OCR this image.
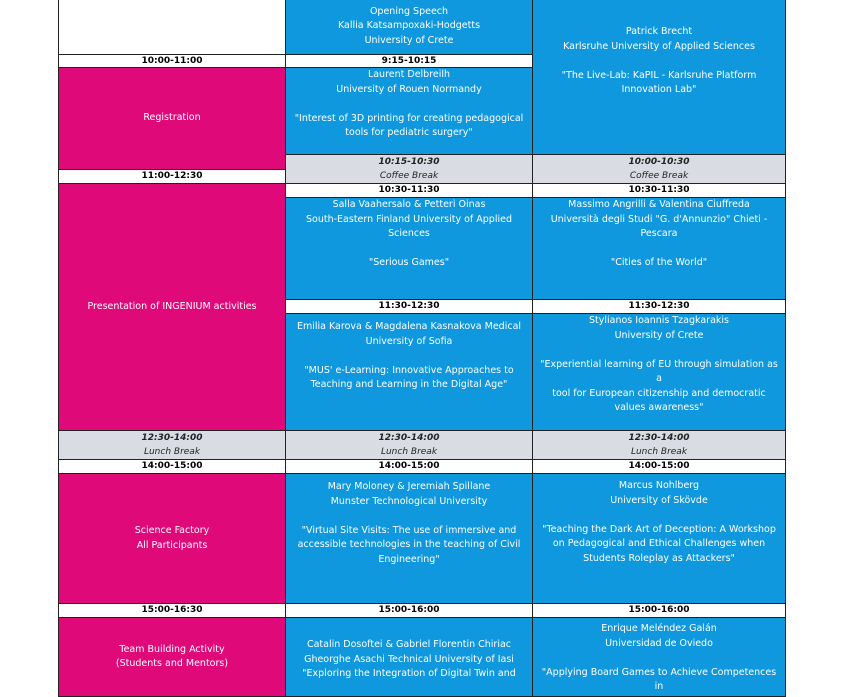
10:00-11:00
Registration
11:00-12:30
Presentation of INGENIUM activities
12:30-14:00
Lunch Break
14:00-15:00
Science Factory
All Participants
15:00-16:30
Team Building Activity
(Students and Mentors)
Opening Speech
Kallia Katsampoxaki-Hodgetts
University of Crete
9:15-10:15
Laurent Delbreilh
University of Rouen Normandy
"Interest of 3D printing for creating pedagogical
tools for pediatric surgery"
10:15-10:30
Coffee Break
10:30-11:30
Salla Vaahersalo & Petteri Oinas
South-Eastern Finland University of Applied
Sciences
"Serious Games"
11:30-12:30
Emilia Karova & Magdalena Kasnakova Medical
University of Sofia
"MUS' e-Learning: Innovative Approaches to
Teaching and Learning in the Digital Age"
12:30-14:00
Lunch Break
14:00-15:00
Mary Moloney & Jeremiah Spillane
Munster Technological University
"Virtual Site Visits: The use of immersive and
accessible technologies in the teaching of Civil
Engineering"
15:00-16:00
Catalin Dosoftei & Gabriel Florentin Chiriac
Gheorghe Asachi Technical University of Iasi
"Exploring the Integration of Digital Twin and
Patrick Brecht
Karlsruhe University of Applied Sciences
"The Live-Lab: KaPIL - Karlsruhe Platform
Innovation Lab"
10:00-10:30
Coffee Break
10:30-11:30
Massimo Angrilli & Valentina Ciuffreda
Università degli Studi "G. d'Annunzio" Chieti -
Pescara
"Cities of the World"
11:30-12:30
Stylianos Ioannis Tzagkarakis
University of Crete
"Experiential learning of EU through simulation as a
tool for European citizenship and democratic
values awareness"
12:30-14:00
Lunch Break
14:00-15:00
Marcus Nohlberg
University of Skövde
"Teaching the Dark Art of Deception: A Workshop
on Pedagogical and Ethical Challenges when
Students Roleplay as Attackers"
15:00-16:00
Enrique Meléndez Galán
Universidad de Oviedo
"Applying Board Games to Achieve Competences in
